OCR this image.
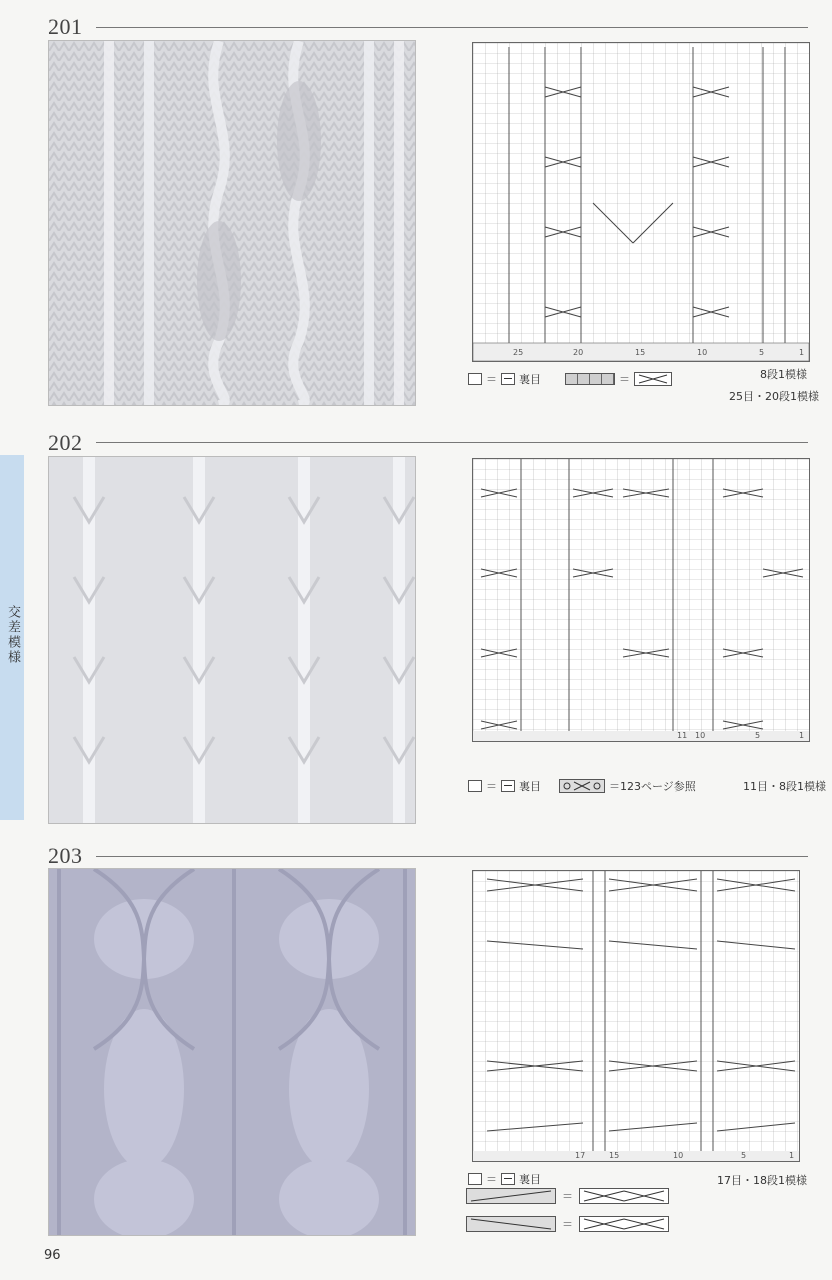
交差模様
201
25	20	15	10	5	1
＝ 裏目	＝	8段1模様
25目・20段1模様
202
11 10	5	1
＝ 裏目	＝123ページ参照	11目・8段1模様
203
17	15	10	5	1
＝ 裏目	17目・18段1模様
＝
＝
96
